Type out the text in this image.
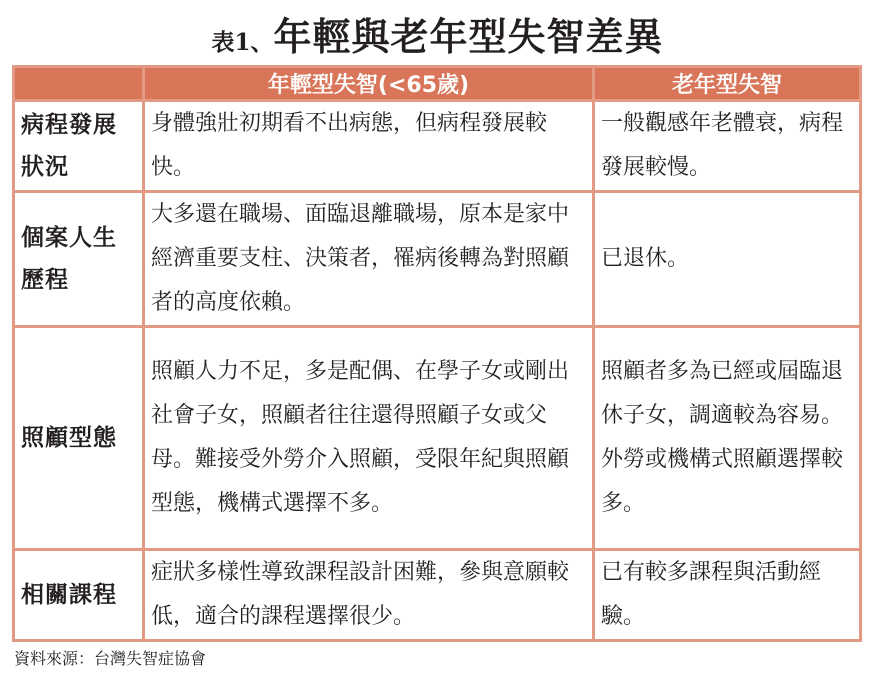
表1、年輕與老年型失智差異
	年輕型失智(<65歲)	老年型失智
病程發展狀況	身體強壯初期看不出病態，但病程發展較快。	一般觀感年老體衰，病程發展較慢。
個案人生歷程	大多還在職場、面臨退離職場，原本是家中經濟重要支柱、決策者，罹病後轉為對照顧者的高度依賴。	已退休。
照顧型態	照顧人力不足，多是配偶、在學子女或剛出社會子女，照顧者往往還得照顧子女或父母。難接受外勞介入照顧，受限年紀與照顧型態，機構式選擇不多。	照顧者多為已經或屆臨退休子女，調適較為容易。外勞或機構式照顧選擇較多。
相關課程	症狀多樣性導致課程設計困難，參與意願較低，適合的課程選擇很少。	已有較多課程與活動經驗。
資料來源：台灣失智症協會
